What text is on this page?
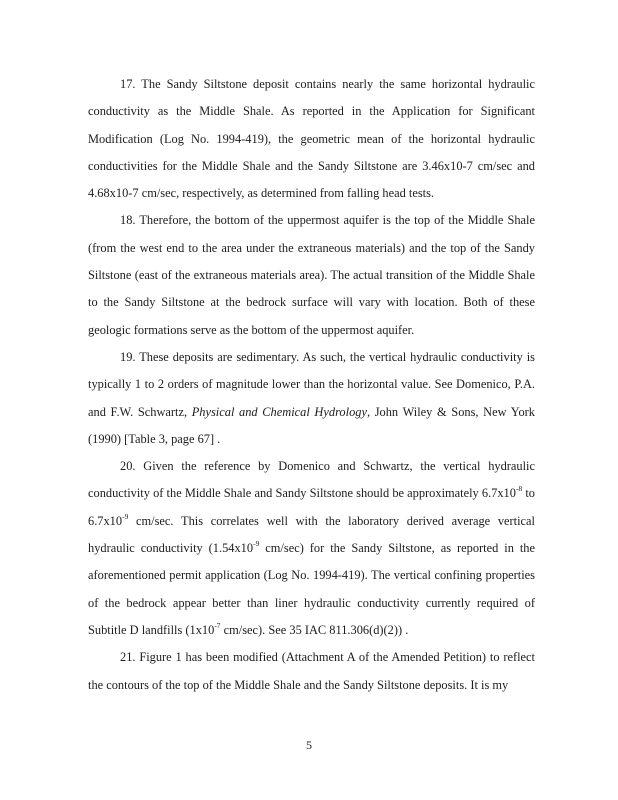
17. The Sandy Siltstone deposit contains nearly the same horizontal hydraulic conductivity as the Middle Shale. As reported in the Application for Significant Modification (Log No. 1994-419), the geometric mean of the horizontal hydraulic conductivities for the Middle Shale and the Sandy Siltstone are 3.46x10-7 cm/sec and 4.68x10-7 cm/sec, respectively, as determined from falling head tests.

18. Therefore, the bottom of the uppermost aquifer is the top of the Middle Shale (from the west end to the area under the extraneous materials) and the top of the Sandy Siltstone (east of the extraneous materials area). The actual transition of the Middle Shale to the Sandy Siltstone at the bedrock surface will vary with location. Both of these geologic formations serve as the bottom of the uppermost aquifer.

19. These deposits are sedimentary. As such, the vertical hydraulic conductivity is typically 1 to 2 orders of magnitude lower than the horizontal value. See Domenico, P.A. and F.W. Schwartz, Physical and Chemical Hydrology, John Wiley & Sons, New York (1990) [Table 3, page 67] .

20. Given the reference by Domenico and Schwartz, the vertical hydraulic conductivity of the Middle Shale and Sandy Siltstone should be approximately $6.7x10^{-8}$ to $6.7x10^{-9}$ cm/sec. This correlates well with the laboratory derived average vertical hydraulic conductivity ($1.54x10^{-9}$ cm/sec) for the Sandy Siltstone, as reported in the aforementioned permit application (Log No. 1994-419). The vertical confining properties of the bedrock appear better than liner hydraulic conductivity currently required of Subtitle D landfills ($1x10^{-7}$ cm/sec). See 35 IAC 811.306(d)(2)) .

21. Figure 1 has been modified (Attachment A of the Amended Petition) to reflect the contours of the top of the Middle Shale and the Sandy Siltstone deposits. It is my

5
